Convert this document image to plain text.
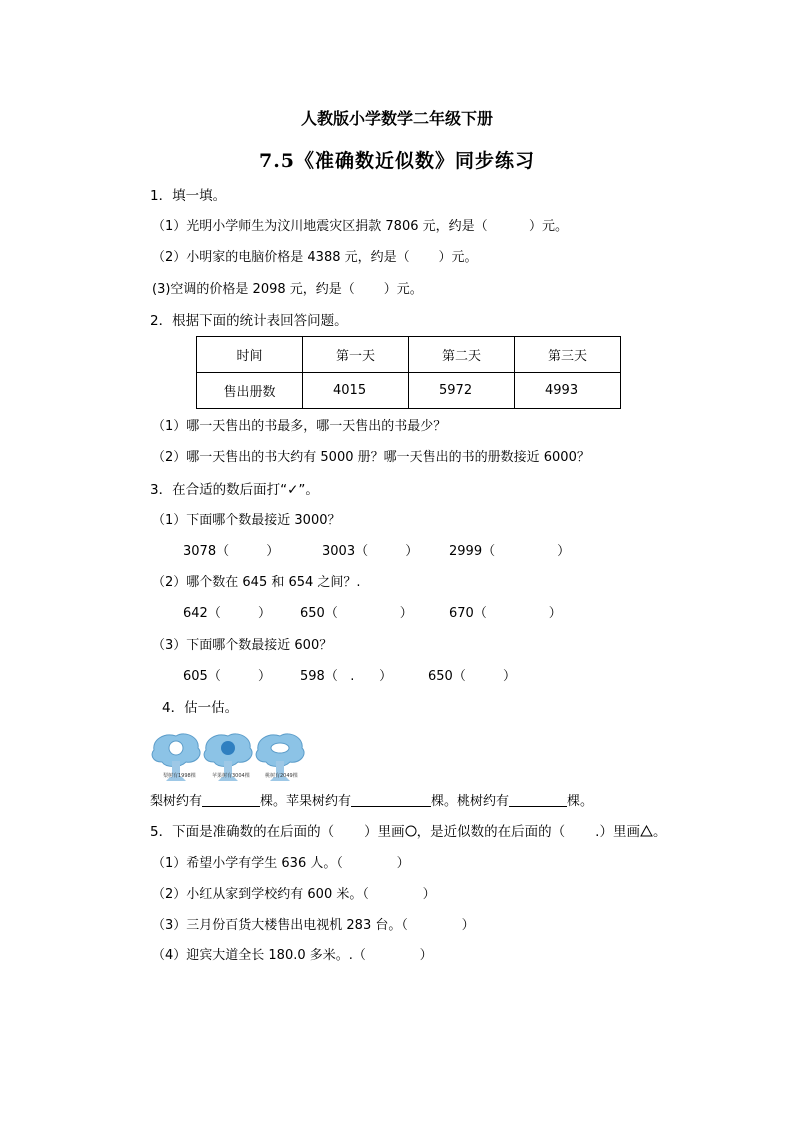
人教版小学数学二年级下册
7.5《准确数近似数》同步练习
1．填一填。
（1）光明小学师生为汶川地震灾区捐款 7806 元，约是（          ）元。
（2）小明家的电脑价格是 4388 元，约是（       ）元。
(3)空调的价格是 2098 元，约是（       ）元。
2．根据下面的统计表回答问题。
时间	第一天	第二天	第三天
售出册数	4015	5972	4993
（1）哪一天售出的书最多，哪一天售出的书最少？
（2）哪一天售出的书大约有 5000 册？哪一天售出的书的册数接近 6000？
3．在合适的数后面打“✓”。
（1）下面哪个数最接近 3000？
3078（         ）	3003（         ） 2999（               ）
（2）哪个数在 645 和 654 之间？.
642（         ） 650（               ）	670（               ）
（3）下面哪个数最接近 600？
605（         ） 598（   .      ）	650（         ）
4．估一估。
梨树有1998棵	苹果树有3004棵	桃树有2049棵
梨树约有	棵。苹果树约有	棵。桃树约有	棵。
5．下面是准确数的在后面的（       ）里画 ，是近似数的在后面的（       .）里画 。
（1）希望小学有学生 636 人。（             ）
（2）小红从家到学校约有 600 米。（             ）
（3）三月份百货大楼售出电视机 283 台。（             ）
（4）迎宾大道全长 180.0 多米。.（             ）
